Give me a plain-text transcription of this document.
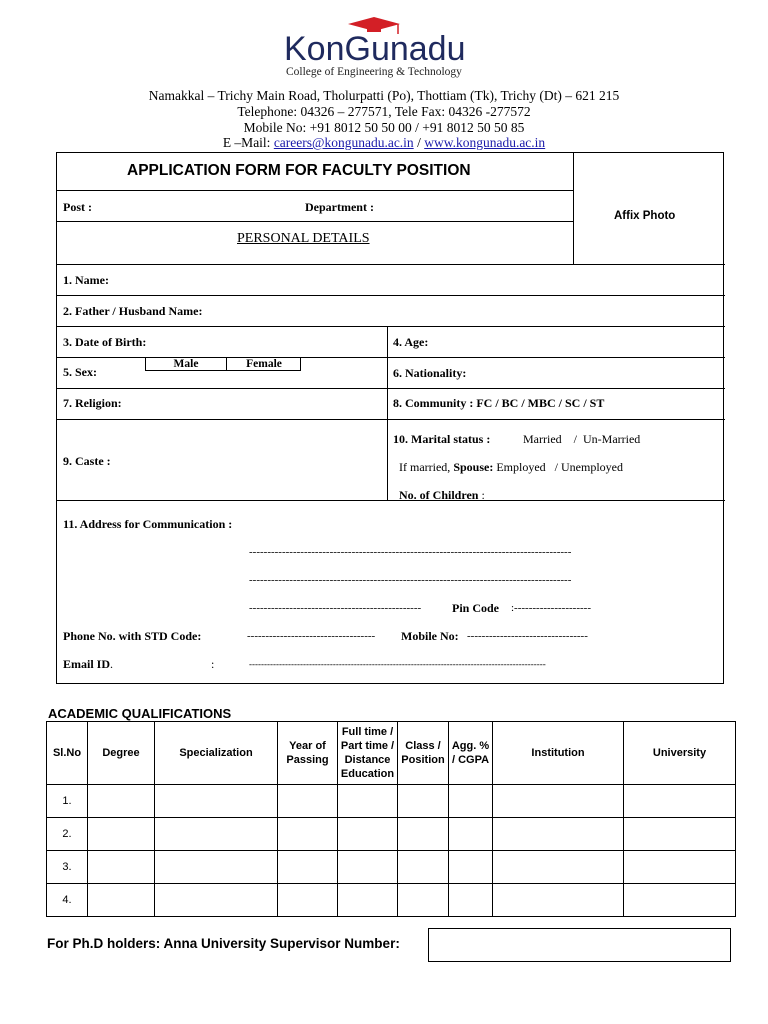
KonGunadu
College of Engineering & Technology
Namakkal – Trichy Main Road, Tholurpatti (Po), Thottiam (Tk), Trichy (Dt) – 621 215
Telephone: 04326 – 277571, Tele Fax: 04326 -277572
Mobile No: +91 8012 50 50 00 / +91 8012 50 50 85
E –Mail: careers@kongunadu.ac.in / www.kongunadu.ac.in
APPLICATION FORM FOR FACULTY POSITION
Post :	Department :
Affix Photo
PERSONAL DETAILS
1. Name:
2. Father / Husband Name:
3. Date of Birth:	4. Age:
5. Sex:
Male	Female
6. Nationality:
7. Religion:	8. Community : FC / BC / MBC / SC / ST
9. Caste :
10. Marital status :	Married    /  Un-Married
If married, Spouse: Employed   / Unemployed
No. of Children :
11. Address for Communication :
----------------------------------------------------------------------------------------
----------------------------------------------------------------------------------------
-----------------------------------------------	Pin Code :---------------------
Phone No. with STD Code:	----------------------------------- Mobile No: ---------------------------------
Email ID.	:	---------------------------------------------------------------------------------------------------
ACADEMIC QUALIFICATIONS
Sl.No	Degree	Specialization	Year of Passing	Full time / Part time / Distance Education	Class / Position	Agg. % / CGPA	Institution	University
1.								
2.								
3.								
4.								
For Ph.D holders: Anna University Supervisor Number:
